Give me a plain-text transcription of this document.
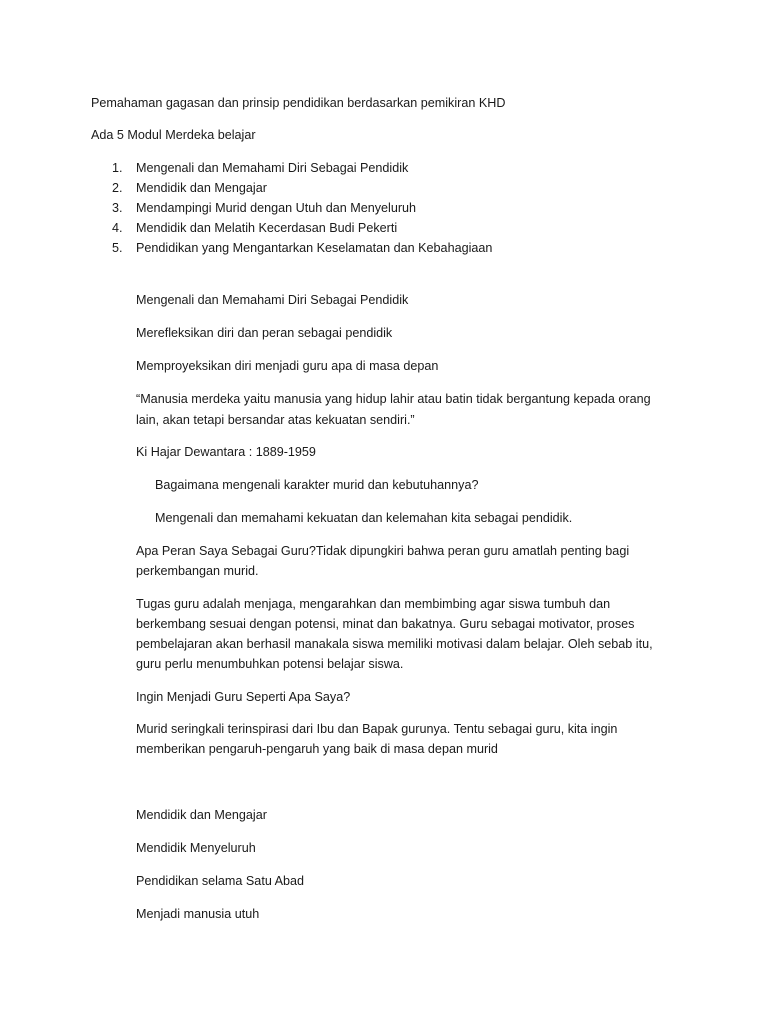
Pemahaman gagasan dan prinsip pendidikan berdasarkan pemikiran KHD

Ada 5 Modul Merdeka belajar

1. Mengenali dan Memahami Diri Sebagai Pendidik
2. Mendidik dan Mengajar
3. Mendampingi Murid dengan Utuh dan Menyeluruh
4. Mendidik dan Melatih Kecerdasan Budi Pekerti
5. Pendidikan yang Mengantarkan Keselamatan dan Kebahagiaan

Mengenali dan Memahami Diri Sebagai Pendidik

Merefleksikan diri dan peran sebagai pendidik

Memproyeksikan diri menjadi guru apa di masa depan

“Manusia merdeka yaitu manusia yang hidup lahir atau batin tidak bergantung kepada orang

lain, akan tetapi bersandar atas kekuatan sendiri.”

Ki Hajar Dewantara : 1889-1959

Bagaimana mengenali karakter murid dan kebutuhannya?

Mengenali dan memahami kekuatan dan kelemahan kita sebagai pendidik.

Apa Peran Saya Sebagai Guru?Tidak dipungkiri bahwa peran guru amatlah penting bagi

perkembangan murid.

Tugas guru adalah menjaga, mengarahkan dan membimbing agar siswa tumbuh dan

berkembang sesuai dengan potensi, minat dan bakatnya. Guru sebagai motivator, proses

pembelajaran akan berhasil manakala siswa memiliki motivasi dalam belajar. Oleh sebab itu,

guru perlu menumbuhkan potensi belajar siswa.

Ingin Menjadi Guru Seperti Apa Saya?

Murid seringkali terinspirasi dari Ibu dan Bapak gurunya. Tentu sebagai guru, kita ingin

memberikan pengaruh-pengaruh yang baik di masa depan murid

Mendidik dan Mengajar

Mendidik Menyeluruh

Pendidikan selama Satu Abad

Menjadi manusia utuh
